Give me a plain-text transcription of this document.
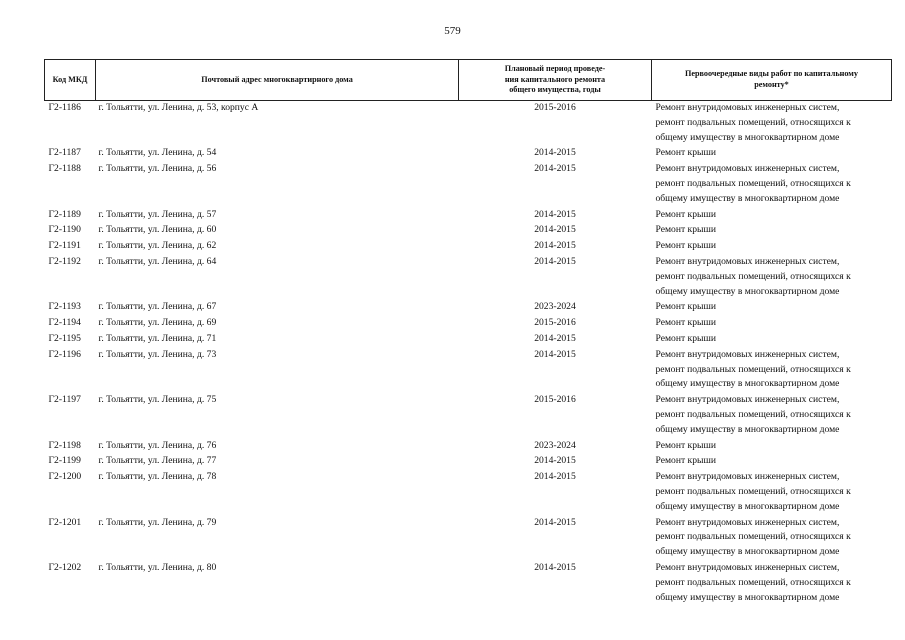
579
Код МКД	Почтовый адрес многоквартирного дома	Плановый период проведе-
ния капитального ремонта
общего имущества, годы	Первоочередные виды работ по капитальному
ремонту*
Г2-1186	г. Тольятти, ул. Ленина, д. 53, корпус А	2015-2016	Ремонт внутридомовых инженерных систем,
ремонт подвальных помещений, относящихся к
общему имуществу в многоквартирном доме

Г2-1187	г. Тольятти, ул. Ленина, д. 54	2014-2015	Ремонт крыши

Г2-1188	г. Тольятти, ул. Ленина, д. 56	2014-2015	Ремонт внутридомовых инженерных систем,
ремонт подвальных помещений, относящихся к
общему имуществу в многоквартирном доме

Г2-1189	г. Тольятти, ул. Ленина, д. 57	2014-2015	Ремонт крыши

Г2-1190	г. Тольятти, ул. Ленина, д. 60	2014-2015	Ремонт крыши

Г2-1191	г. Тольятти, ул. Ленина, д. 62	2014-2015	Ремонт крыши

Г2-1192	г. Тольятти, ул. Ленина, д. 64	2014-2015	Ремонт внутридомовых инженерных систем,
ремонт подвальных помещений, относящихся к
общему имуществу в многоквартирном доме

Г2-1193	г. Тольятти, ул. Ленина, д. 67	2023-2024	Ремонт крыши

Г2-1194	г. Тольятти, ул. Ленина, д. 69	2015-2016	Ремонт крыши

Г2-1195	г. Тольятти, ул. Ленина, д. 71	2014-2015	Ремонт крыши

Г2-1196	г. Тольятти, ул. Ленина, д. 73	2014-2015	Ремонт внутридомовых инженерных систем,
ремонт подвальных помещений, относящихся к
общему имуществу в многоквартирном доме

Г2-1197	г. Тольятти, ул. Ленина, д. 75	2015-2016	Ремонт внутридомовых инженерных систем,
ремонт подвальных помещений, относящихся к
общему имуществу в многоквартирном доме

Г2-1198	г. Тольятти, ул. Ленина, д. 76	2023-2024	Ремонт крыши

Г2-1199	г. Тольятти, ул. Ленина, д. 77	2014-2015	Ремонт крыши

Г2-1200	г. Тольятти, ул. Ленина, д. 78	2014-2015	Ремонт внутридомовых инженерных систем,
ремонт подвальных помещений, относящихся к
общему имуществу в многоквартирном доме

Г2-1201	г. Тольятти, ул. Ленина, д. 79	2014-2015	Ремонт внутридомовых инженерных систем,
ремонт подвальных помещений, относящихся к
общему имуществу в многоквартирном доме

Г2-1202	г. Тольятти, ул. Ленина, д. 80	2014-2015	Ремонт внутридомовых инженерных систем,
ремонт подвальных помещений, относящихся к
общему имуществу в многоквартирном доме
